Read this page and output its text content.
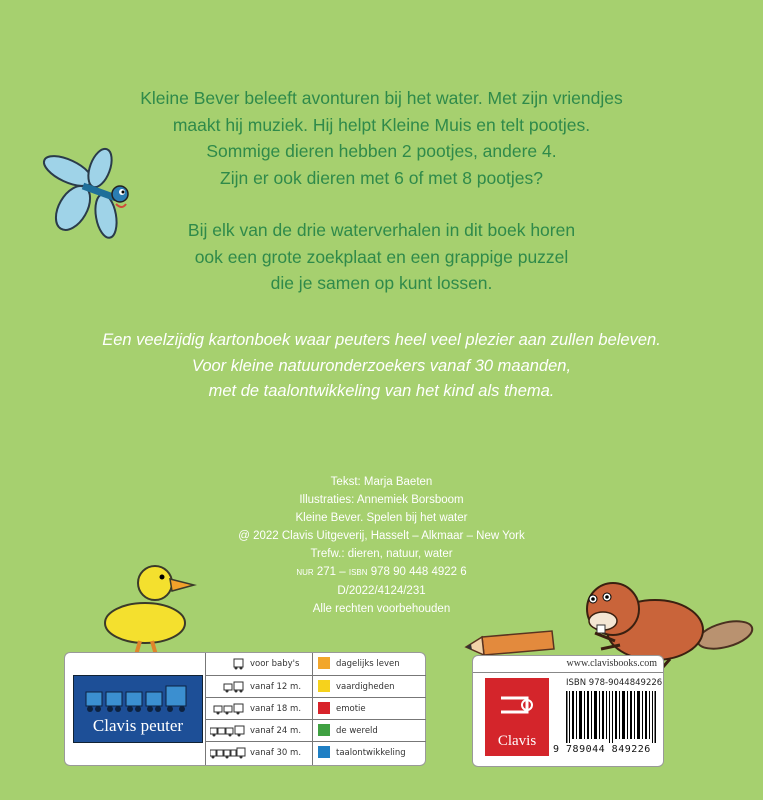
Kleine Bever beleeft avonturen bij het water. Met zijn vriendjes
maakt hij muziek. Hij helpt Kleine Muis en telt pootjes.
Sommige dieren hebben 2 pootjes, andere 4.
Zijn er ook dieren met 6 of met 8 pootjes?
Bij elk van de drie waterverhalen in dit boek horen
ook een grote zoekplaat en een grappige puzzel
die je samen op kunt lossen.
Een veelzijdig kartonboek waar peuters heel veel plezier aan zullen beleven.
Voor kleine natuuronderzoekers vanaf 30 maanden,
met de taalontwikkeling van het kind als thema.
Tekst: Marja Baeten
Illustraties: Annemiek Borsboom
Kleine Bever. Spelen bij het water
@ 2022 Clavis Uitgeverij, Hasselt – Alkmaar – New York
Trefw.: dieren, natuur, water
NUR 271 – ISBN 978 90 448 4922 6
D/2022/4124/231
Alle rechten voorbehouden
Clavis peuter
voor baby's	dagelijks leven
vanaf 12 m.	vaardigheden
vanaf 18 m.	emotie
vanaf 24 m.	de wereld
vanaf 30 m.	taalontwikkeling
www.clavisbooks.com
Clavis
ISBN 978-9044849226
9 789044 849226
